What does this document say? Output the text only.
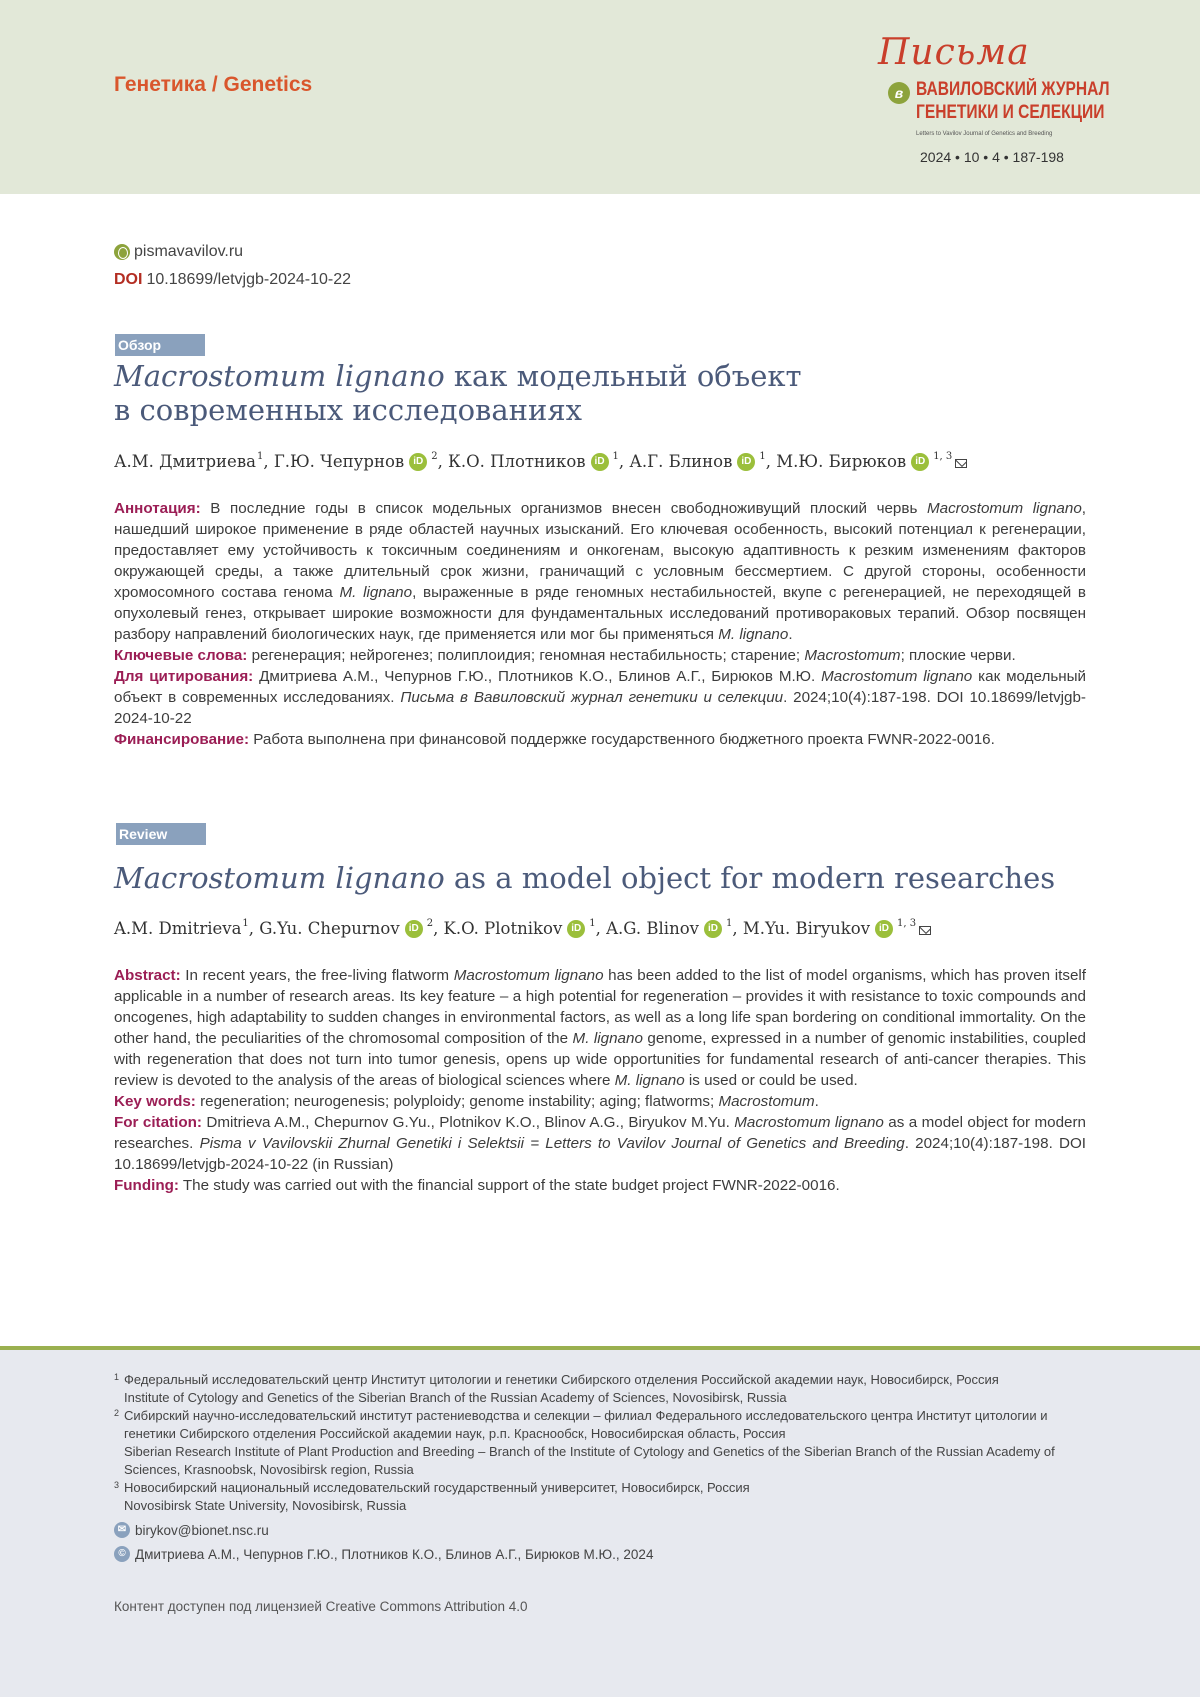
Генетика / Genetics
Письма
в ВАВИЛОВСКИЙ ЖУРНАЛ
ГЕНЕТИКИ И СЕЛЕКЦИИ
Letters to Vavilov Journal of Genetics and Breeding
2024 • 10 • 4 • 187-198
pismavavilov.ru
DOI 10.18699/letvjgb-2024-10-22
Обзор
Macrostomum lignano как модельный объект
в современных исследованиях
А.М. Дмитриева$^1$ , Г.Ю. Чепурнов iD $^2$ , К.О. Плотников iD $^1$ , А.Г. Блинов iD $^1$ , М.Ю. Бирюков iD $^{1, 3}$

Аннотация: В последние годы в список модельных организмов внесен свободноживущий плоский червь Macrostomum lignano, нашедший широкое применение в ряде областей научных изысканий. Его ключевая особенность, высокий потенциал к регенерации, предоставляет ему устойчивость к токсичным соединениям и онкогенам, высокую адаптивность к резким изменениям факторов окружающей среды, а также длительный срок жизни, граничащий с условным бессмертием. С другой стороны, особенности хромосомного состава генома M. lignano, выраженные в ряде геномных нестабильностей, вкупе с регенерацией, не переходящей в опухолевый генез, открывает широкие возможности для фундаментальных исследований противораковых терапий. Обзор посвящен разбору направлений биологических наук, где применяется или мог бы применяться M. lignano.

Ключевые слова: регенерация; нейрогенез; полиплоидия; геномная нестабильность; старение; Macrostomum; плоские черви.

Для цитирования: Дмитриева А.М., Чепурнов Г.Ю., Плотников К.О., Блинов А.Г., Бирюков М.Ю. Macrostomum lignano как модельный объект в современных исследованиях. Письма в Вавиловский журнал генетики и селекции. 2024;10(4):187-198. DOI 10.18699/letvjgb-2024-10-22

Финансирование: Работа выполнена при финансовой поддержке государственного бюджетного проекта FWNR-2022-0016.

Review
Macrostomum lignano as a model object for modern researches
A.M. Dmitrieva$^1$ , G.Yu. Chepurnov iD $^2$ , K.O. Plotnikov iD $^1$ , A.G. Blinov iD $^1$ , M.Yu. Biryukov iD $^{1, 3}$

Abstract: In recent years, the free-living flatworm Macrostomum lignano has been added to the list of model organisms, which has proven itself applicable in a number of research areas. Its key feature – a high potential for regeneration – provides it with resistance to toxic compounds and oncogenes, high adaptability to sudden changes in environmental factors, as well as a long life span bordering on conditional immortality. On the other hand, the peculiarities of the chromosomal composition of the M. lignano genome, expressed in a number of genomic instabilities, coupled with regeneration that does not turn into tumor genesis, opens up wide opportunities for fundamental research of anti-cancer therapies. This review is devoted to the analysis of the areas of biological sciences where M. lignano is used or could be used.

Key words: regeneration; neurogenesis; polyploidy; genome instability; aging; flatworms; Macrostomum.

For citation: Dmitrieva A.M., Chepurnov G.Yu., Plotnikov K.O., Blinov A.G., Biryukov M.Yu. Macrostomum lignano as a model object for modern researches. Pisma v Vavilovskii Zhurnal Genetiki i Selektsii = Letters to Vavilov Journal of Genetics and Breeding. 2024;10(4):187-198. DOI 10.18699/letvjgb-2024-10-22 (in Russian)

Funding: The study was carried out with the financial support of the state budget project FWNR-2022-0016.

1 Федеральный исследовательский центр Институт цитологии и генетики Сибирского отделения Российской академии наук, Новосибирск, Россия
Institute of Cytology and Genetics of the Siberian Branch of the Russian Academy of Sciences, Novosibirsk, Russia
2 Сибирский научно-исследовательский институт растениеводства и селекции – филиал Федерального исследовательского центра Институт цитологии и генетики Сибирского отделения Российской академии наук, р.п. Краснообск, Новосибирская область, Россия
Siberian Research Institute of Plant Production and Breeding – Branch of the Institute of Cytology and Genetics of the Siberian Branch of the Russian Academy of Sciences, Krasnoobsk, Novosibirsk region, Russia
3 Новосибирский национальный исследовательский государственный университет, Новосибирск, Россия
Novosibirsk State University, Novosibirsk, Russia
✉ birykov@bionet.nsc.ru
© Дмитриева А.М., Чепурнов Г.Ю., Плотников К.О., Блинов А.Г., Бирюков М.Ю., 2024
Контент доступен под лицензией Creative Commons Attribution 4.0
